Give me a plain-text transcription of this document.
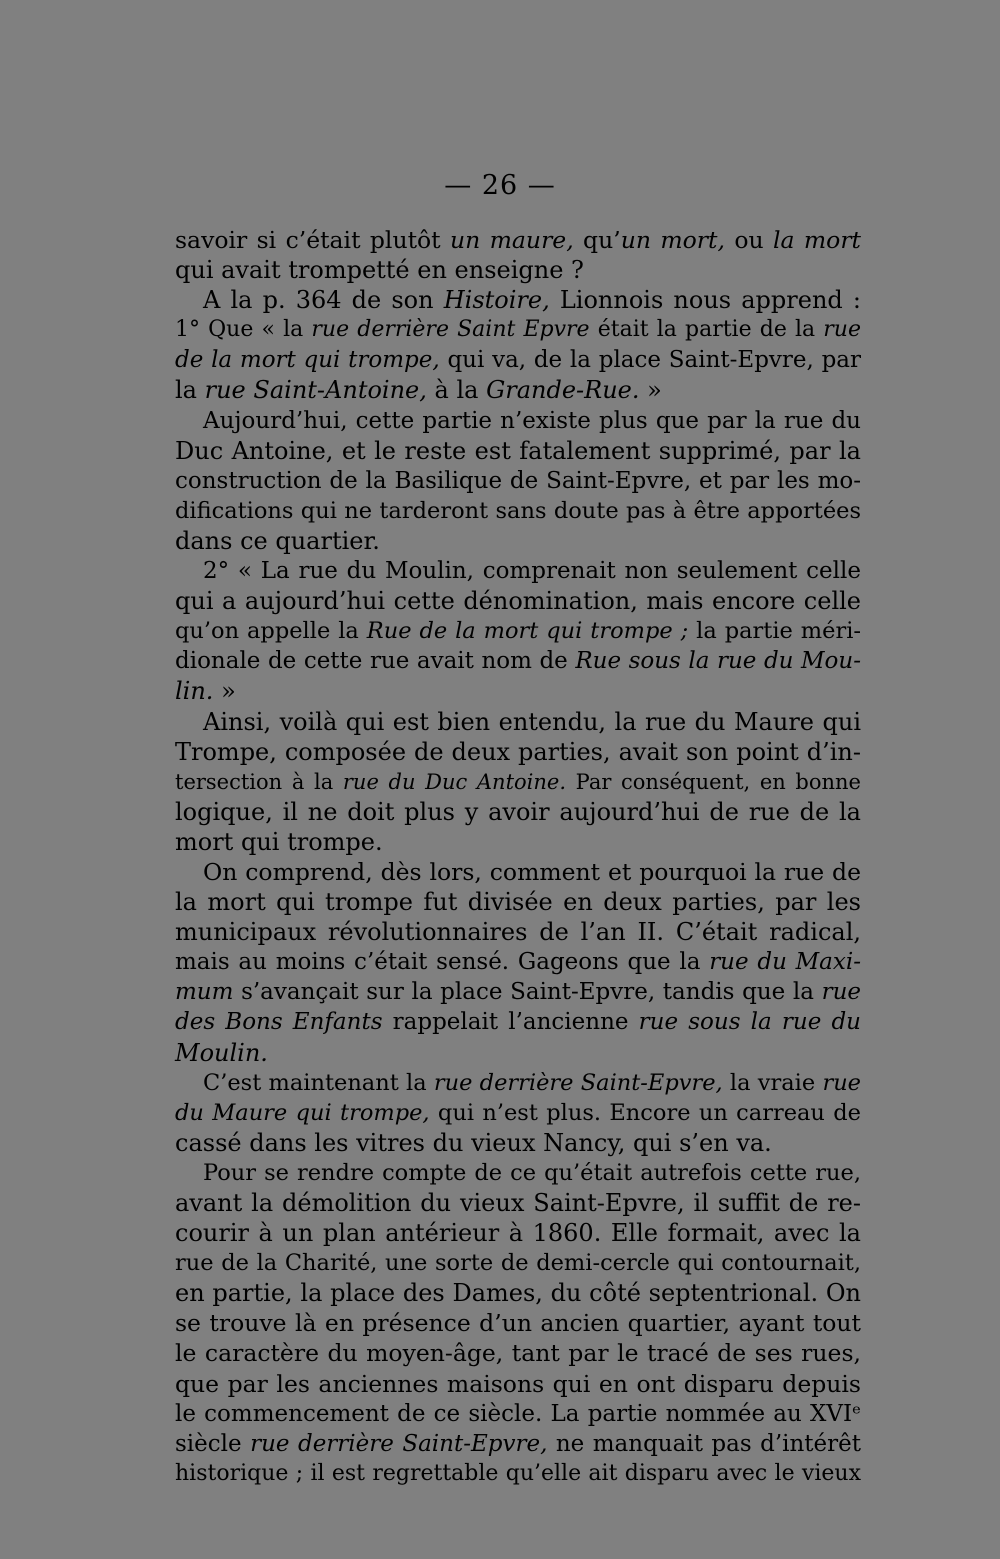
— 26 —
savoir si c’était plutôt un maure, qu’un mort, ou la mort
qui avait trompetté en enseigne ?
A la p. 364 de son Histoire, Lionnois nous apprend :
1° Que « la rue derrière Saint Epvre était la partie de la rue
de la mort qui trompe, qui va, de la place Saint-Epvre, par
la rue Saint-Antoine, à la Grande-Rue. »
Aujourd’hui, cette partie n’existe plus que par la rue du
Duc Antoine, et le reste est fatalement supprimé, par la
construction de la Basilique de Saint-Epvre, et par les mo-
difications qui ne tarderont sans doute pas à être apportées
dans ce quartier.
2° « La rue du Moulin, comprenait non seulement celle
qui a aujourd’hui cette dénomination, mais encore celle
qu’on appelle la Rue de la mort qui trompe ; la partie méri-
dionale de cette rue avait nom de Rue sous la rue du Mou-
lin. »
Ainsi, voilà qui est bien entendu, la rue du Maure qui
Trompe, composée de deux parties, avait son point d’in-
tersection à la rue du Duc Antoine. Par conséquent, en bonne
logique, il ne doit plus y avoir aujourd’hui de rue de la
mort qui trompe.
On comprend, dès lors, comment et pourquoi la rue de
la mort qui trompe fut divisée en deux parties, par les
municipaux révolutionnaires de l’an II. C’était radical,
mais au moins c’était sensé. Gageons que la rue du Maxi-
mum s’avançait sur la place Saint-Epvre, tandis que la rue
des Bons Enfants rappelait l’ancienne rue sous la rue du
Moulin.
C’est maintenant la rue derrière Saint-Epvre, la vraie rue
du Maure qui trompe, qui n’est plus. Encore un carreau de
cassé dans les vitres du vieux Nancy, qui s’en va.
Pour se rendre compte de ce qu’était autrefois cette rue,
avant la démolition du vieux Saint-Epvre, il suffit de re-
courir à un plan antérieur à 1860. Elle formait, avec la
rue de la Charité, une sorte de demi-cercle qui contournait,
en partie, la place des Dames, du côté septentrional. On
se trouve là en présence d’un ancien quartier, ayant tout
le caractère du moyen-âge, tant par le tracé de ses rues,
que par les anciennes maisons qui en ont disparu depuis
le commencement de ce siècle. La partie nommée au XVIᵉ
siècle rue derrière Saint-Epvre, ne manquait pas d’intérêt
historique ; il est regrettable qu’elle ait disparu avec le vieux
